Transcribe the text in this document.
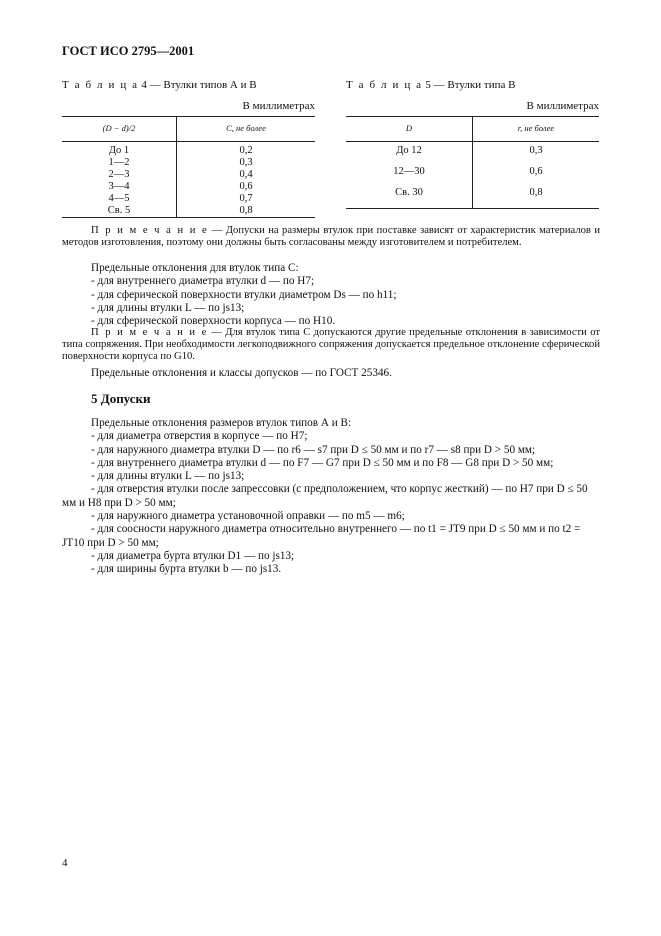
ГОСТ ИСО 2795—2001
Т а б л и ц а 4 — Втулки типов А и В
В миллиметрах
(D − d)/2	С, не более
До 1	0,2
1—2	0,3
2—3	0,4
3—4	0,6
4—5	0,7
Св. 5	0,8
Т а б л и ц а 5 — Втулки типа В
В миллиметрах
D	r, не более
До 12	0,3
12—30	0,6
Св. 30	0,8
П р и м е ч а н и е — Допуски на размеры втулок при поставке зависят от характеристик материалов и методов изготовления, поэтому они должны быть согласованы между изготовителем и потребителем.

Предельные отклонения для втулок типа С:

- для внутреннего диаметра втулки d — по Н7;

- для сферической поверхности втулки диаметром Ds — по h11;

- для длины втулки L — по js13;

- для сферической поверхности корпуса — по Н10.

П р и м е ч а н и е — Для втулок типа С допускаются другие предельные отклонения в зависимости от типа сопряжения. При необходимости легкоподвижного сопряжения допускается предельное отклонение сферической поверхности корпуса по G10.
Предельные отклонения и классы допусков — по ГОСТ 25346.
5 Допуски

Предельные отклонения размеров втулок типов А и В:

- для диаметра отверстия в корпусе — по Н7;

- для наружного диаметра втулки D — по r6 — s7 при D ≤ 50 мм и по r7 — s8 при D > 50 мм;

- для внутреннего диаметра втулки d — по F7 — G7 при D ≤ 50 мм и по F8 — G8 при D > 50 мм;

- для длины втулки L — по js13;

- для отверстия втулки после запрессовки (с предположением, что корпус жесткий) — по Н7 при D ≤ 50 мм и Н8 при D > 50 мм;

- для наружного диаметра установочной оправки — по m5 — m6;

- для соосности наружного диаметра относительно внутреннего — по t1 = JT9 при D ≤ 50 мм и по t2 = JT10 при D > 50 мм;

- для диаметра бурта втулки D1 — по js13;

- для ширины бурта втулки b — по js13.

4
